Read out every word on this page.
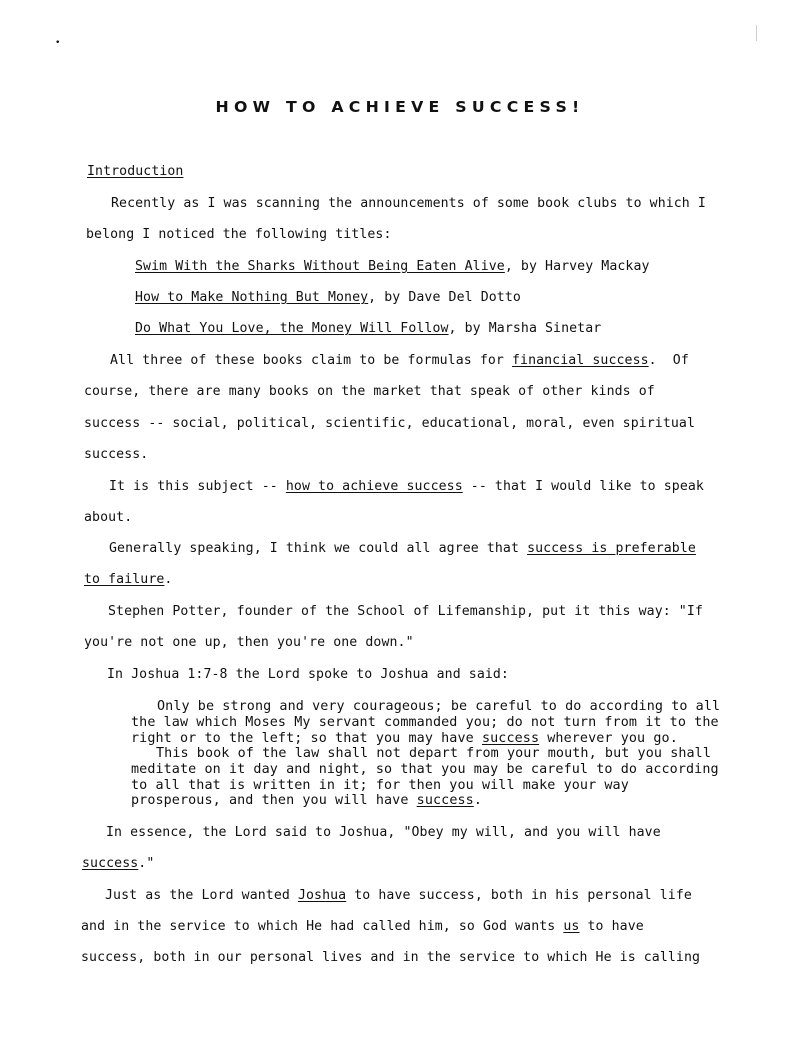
•
HOW TO ACHIEVE SUCCESS!
Introduction
Recently as I was scanning the announcements of some book clubs to which I
belong I noticed the following titles:
Swim With the Sharks Without Being Eaten Alive, by Harvey Mackay
How to Make Nothing But Money, by Dave Del Dotto
Do What You Love, the Money Will Follow, by Marsha Sinetar
All three of these books claim to be formulas for financial success.  Of
course, there are many books on the market that speak of other kinds of
success -- social, political, scientific, educational, moral, even spiritual
success.
It is this subject -- how to achieve success -- that I would like to speak
about.
Generally speaking, I think we could all agree that success is preferable
to failure.
Stephen Potter, founder of the School of Lifemanship, put it this way: "If
you're not one up, then you're one down."
In Joshua 1:7-8 the Lord spoke to Joshua and said:
Only be strong and very courageous; be careful to do according to all
the law which Moses My servant commanded you; do not turn from it to the
right or to the left; so that you may have success wherever you go.
This book of the law shall not depart from your mouth, but you shall
meditate on it day and night, so that you may be careful to do according
to all that is written in it; for then you will make your way
prosperous, and then you will have success.
In essence, the Lord said to Joshua, "Obey my will, and you will have
success."
Just as the Lord wanted Joshua to have success, both in his personal life
and in the service to which He had called him, so God wants us to have
success, both in our personal lives and in the service to which He is calling
